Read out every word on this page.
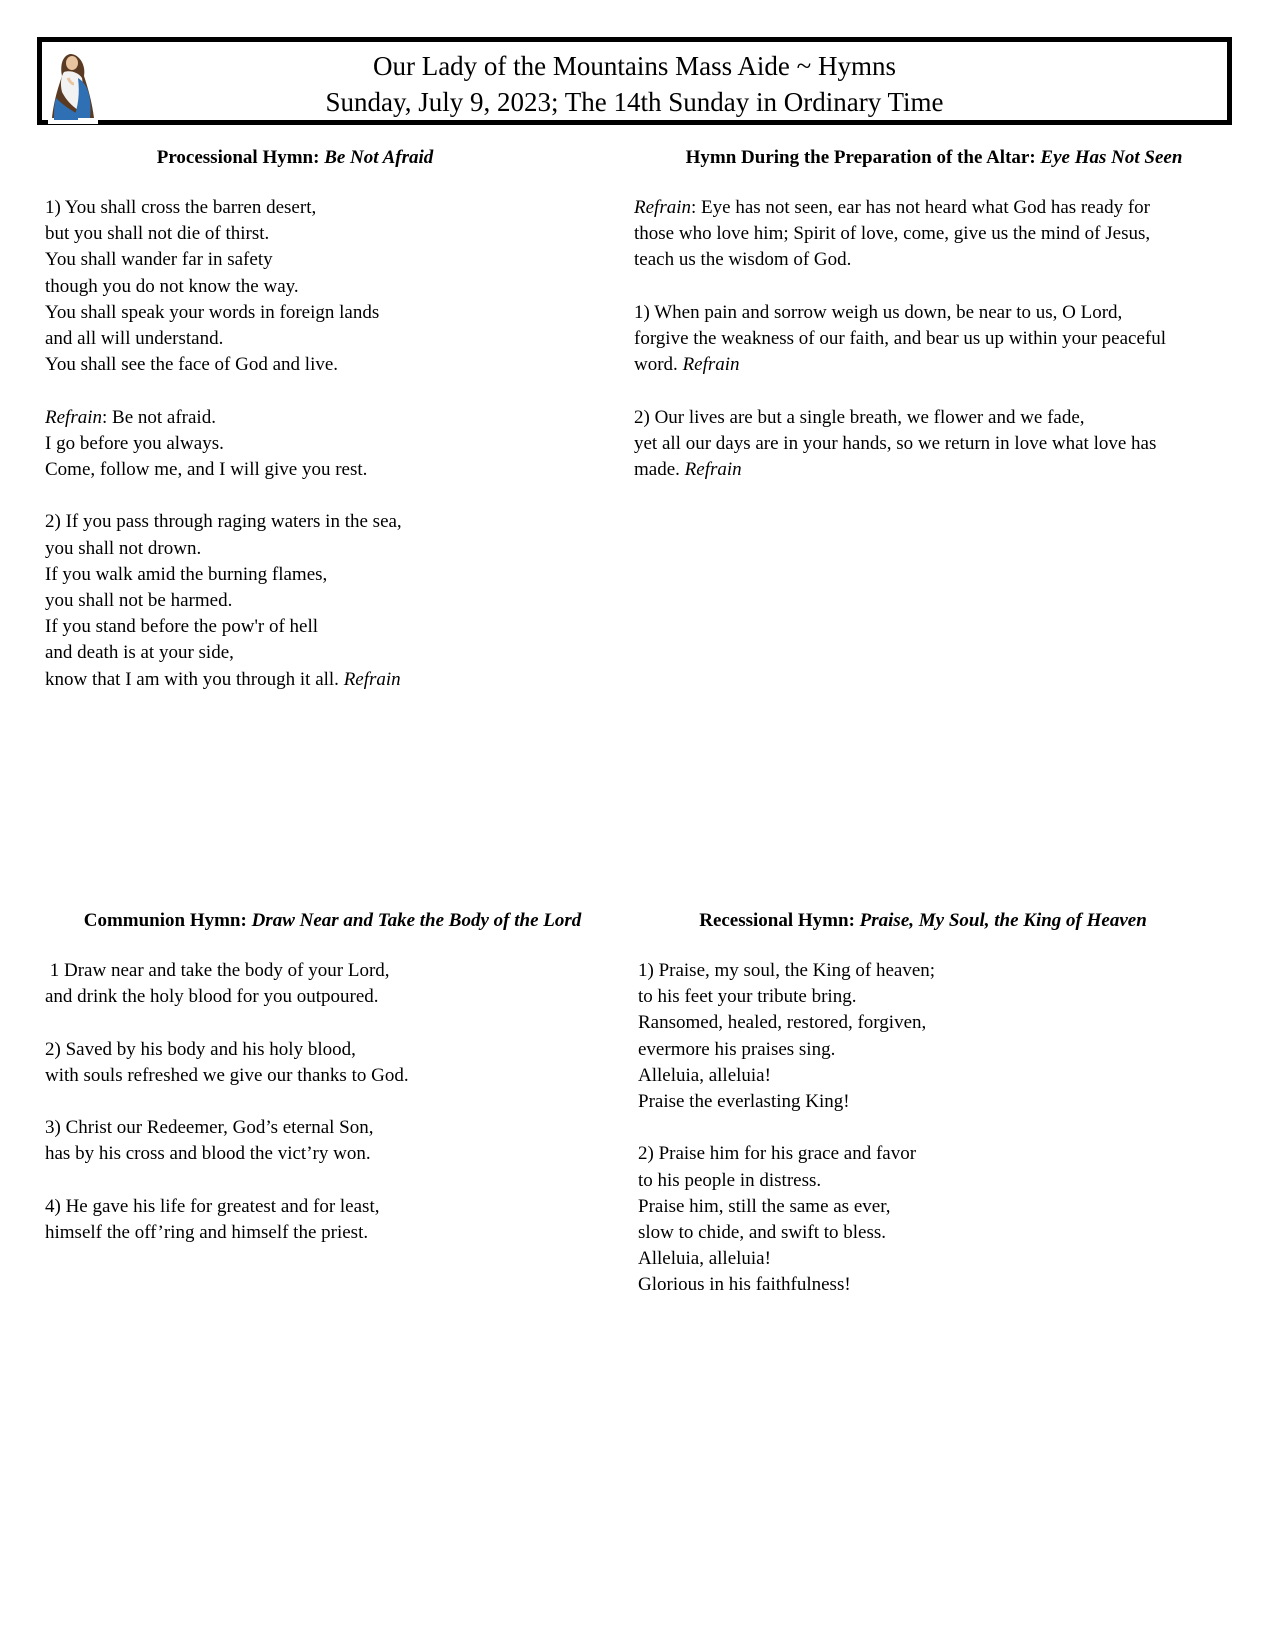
Our Lady of the Mountains Mass Aide ~ Hymns
Sunday, July 9, 2023; The 14th Sunday in Ordinary Time
Processional Hymn: Be Not Afraid
1) You shall cross the barren desert,
but you shall not die of thirst.
You shall wander far in safety
though you do not know the way.
You shall speak your words in foreign lands
and all will understand.
You shall see the face of God and live.
Refrain: Be not afraid.
I go before you always.
Come, follow me, and I will give you rest.
2) If you pass through raging waters in the sea,
you shall not drown.
If you walk amid the burning flames,
you shall not be harmed.
If you stand before the pow'r of hell
and death is at your side,
know that I am with you through it all. Refrain
Hymn During the Preparation of the Altar: Eye Has Not Seen
Refrain: Eye has not seen, ear has not heard what God has ready for
those who love him; Spirit of love, come, give us the mind of Jesus,
teach us the wisdom of God.
1) When pain and sorrow weigh us down, be near to us, O Lord,
forgive the weakness of our faith, and bear us up within your peaceful
word. Refrain
2) Our lives are but a single breath, we flower and we fade,
yet all our days are in your hands, so we return in love what love has
made. Refrain
Communion Hymn: Draw Near and Take the Body of the Lord
1 Draw near and take the body of your Lord,
and drink the holy blood for you outpoured.
2) Saved by his body and his holy blood,
with souls refreshed we give our thanks to God.
3) Christ our Redeemer, God’s eternal Son,
has by his cross and blood the vict’ry won.
4) He gave his life for greatest and for least,
himself the off’ring and himself the priest.
Recessional Hymn: Praise, My Soul, the King of Heaven
1) Praise, my soul, the King of heaven;
to his feet your tribute bring.
Ransomed, healed, restored, forgiven,
evermore his praises sing.
Alleluia, alleluia!
Praise the everlasting King!
2) Praise him for his grace and favor
to his people in distress.
Praise him, still the same as ever,
slow to chide, and swift to bless.
Alleluia, alleluia!
Glorious in his faithfulness!
